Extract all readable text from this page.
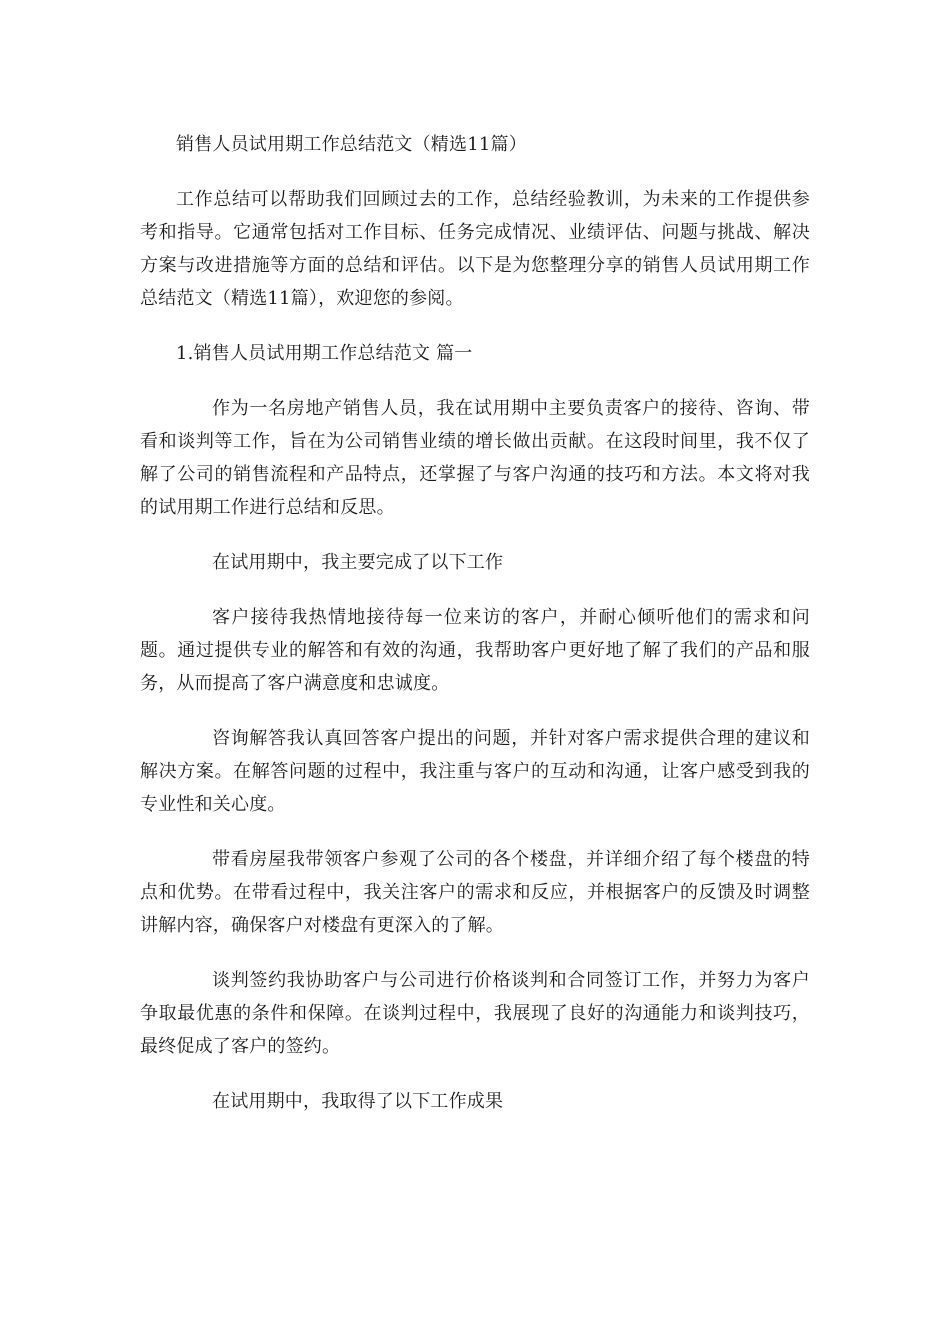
销售人员试用期工作总结范文（精选11篇）

工作总结可以帮助我们回顾过去的工作，总结经验教训，为未来的工作提供参考和指导。它通常包括对工作目标、任务完成情况、业绩评估、问题与挑战、解决方案与改进措施等方面的总结和评估。以下是为您整理分享的销售人员试用期工作总结范文（精选11篇），欢迎您的参阅。

1.销售人员试用期工作总结范文 篇一

作为一名房地产销售人员，我在试用期中主要负责客户的接待、咨询、带看和谈判等工作，旨在为公司销售业绩的增长做出贡献。在这段时间里，我不仅了解了公司的销售流程和产品特点，还掌握了与客户沟通的技巧和方法。本文将对我的试用期工作进行总结和反思。

在试用期中，我主要完成了以下工作

客户接待我热情地接待每一位来访的客户，并耐心倾听他们的需求和问题。通过提供专业的解答和有效的沟通，我帮助客户更好地了解了我们的产品和服务，从而提高了客户满意度和忠诚度。

咨询解答我认真回答客户提出的问题，并针对客户需求提供合理的建议和解决方案。在解答问题的过程中，我注重与客户的互动和沟通，让客户感受到我的专业性和关心度。

带看房屋我带领客户参观了公司的各个楼盘，并详细介绍了每个楼盘的特点和优势。在带看过程中，我关注客户的需求和反应，并根据客户的反馈及时调整讲解内容，确保客户对楼盘有更深入的了解。

谈判签约我协助客户与公司进行价格谈判和合同签订工作，并努力为客户争取最优惠的条件和保障。在谈判过程中，我展现了良好的沟通能力和谈判技巧，最终促成了客户的签约。

在试用期中，我取得了以下工作成果
